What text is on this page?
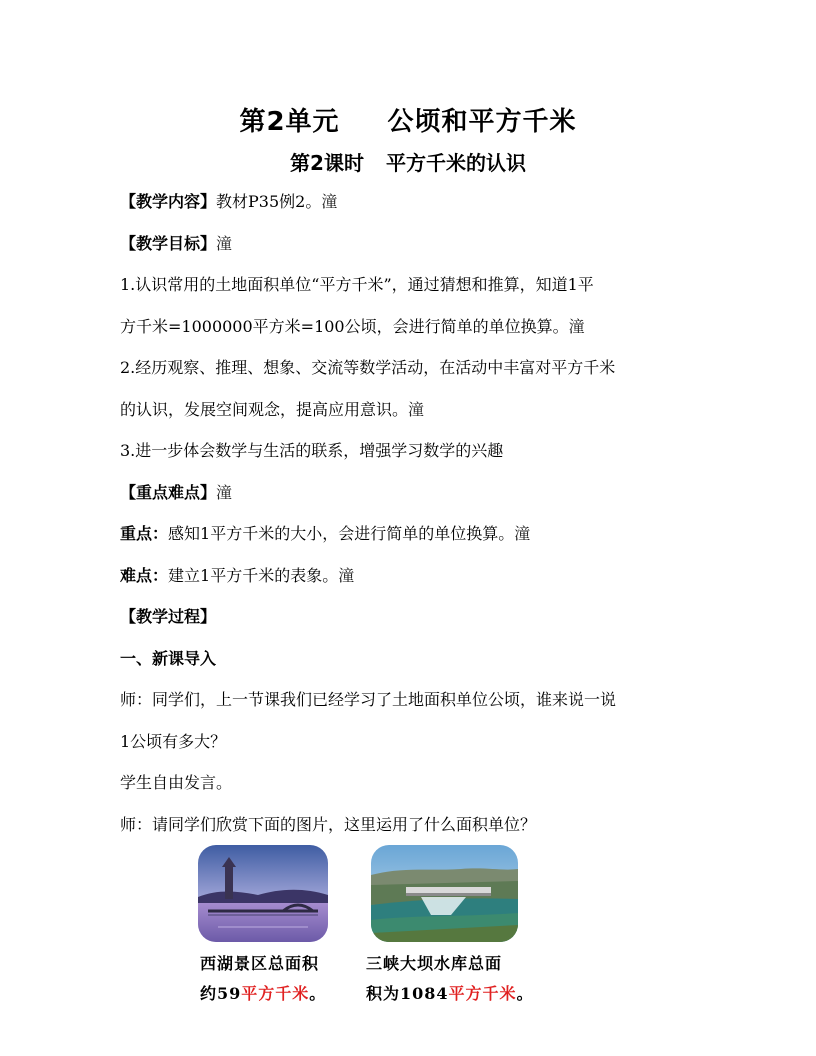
第2单元 公顷和平方千米
第2课时 平方千米的认识
【教学内容】教材P35例2。潼
【教学目标】潼
1.认识常用的土地面积单位“平方千米”，通过猜想和推算，知道1平
方千米=1000000平方米=100公顷，会进行简单的单位换算。潼
2.经历观察、推理、想象、交流等数学活动，在活动中丰富对平方千米
的认识，发展空间观念，提高应用意识。潼
3.进一步体会数学与生活的联系，增强学习数学的兴趣
【重点难点】潼
重点：感知1平方千米的大小，会进行简单的单位换算。潼
难点：建立1平方千米的表象。潼
【教学过程】
一、新课导入
师：同学们，上一节课我们已经学习了土地面积单位公顷，谁来说一说
1公顷有多大？
学生自由发言。
师：请同学们欣赏下面的图片，这里运用了什么面积单位？
西湖景区总面积
约59平方千米。
三峡大坝水库总面
积为1084平方千米。
